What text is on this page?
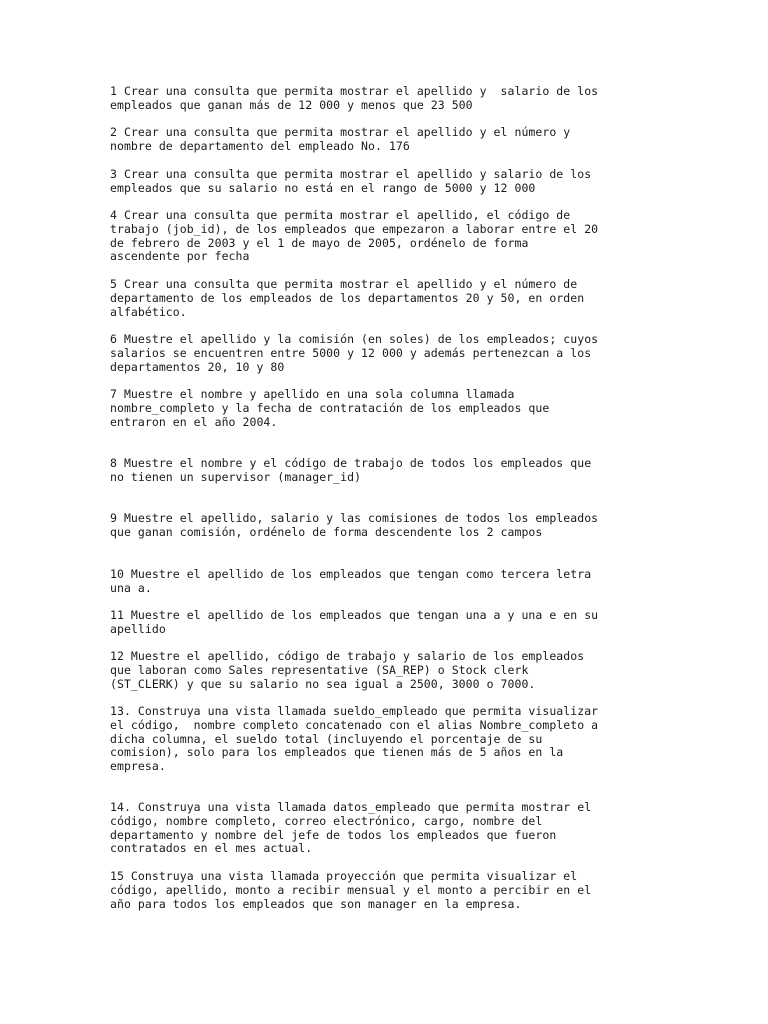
1 Crear una consulta que permita mostrar el apellido y  salario de los
empleados que ganan más de 12 000 y menos que 23 500

2 Crear una consulta que permita mostrar el apellido y el número y
nombre de departamento del empleado No. 176

3 Crear una consulta que permita mostrar el apellido y salario de los
empleados que su salario no está en el rango de 5000 y 12 000

4 Crear una consulta que permita mostrar el apellido, el código de
trabajo (job_id), de los empleados que empezaron a laborar entre el 20
de febrero de 2003 y el 1 de mayo de 2005, ordénelo de forma
ascendente por fecha

5 Crear una consulta que permita mostrar el apellido y el número de
departamento de los empleados de los departamentos 20 y 50, en orden
alfabético.

6 Muestre el apellido y la comisión (en soles) de los empleados; cuyos
salarios se encuentren entre 5000 y 12 000 y además pertenezcan a los
departamentos 20, 10 y 80

7 Muestre el nombre y apellido en una sola columna llamada
nombre_completo y la fecha de contratación de los empleados que
entraron en el año 2004.

8 Muestre el nombre y el código de trabajo de todos los empleados que
no tienen un supervisor (manager_id)

9 Muestre el apellido, salario y las comisiones de todos los empleados
que ganan comisión, ordénelo de forma descendente los 2 campos

10 Muestre el apellido de los empleados que tengan como tercera letra
una a.

11 Muestre el apellido de los empleados que tengan una a y una e en su
apellido

12 Muestre el apellido, código de trabajo y salario de los empleados
que laboran como Sales representative (SA_REP) o Stock clerk
(ST_CLERK) y que su salario no sea igual a 2500, 3000 o 7000.

13. Construya una vista llamada sueldo_empleado que permita visualizar
el código,  nombre completo concatenado con el alias Nombre_completo a
dicha columna, el sueldo total (incluyendo el porcentaje de su
comision), solo para los empleados que tienen más de 5 años en la
empresa.

14. Construya una vista llamada datos_empleado que permita mostrar el
código, nombre completo, correo electrónico, cargo, nombre del
departamento y nombre del jefe de todos los empleados que fueron
contratados en el mes actual.

15 Construya una vista llamada proyección que permita visualizar el
código, apellido, monto a recibir mensual y el monto a percibir en el
año para todos los empleados que son manager en la empresa.
